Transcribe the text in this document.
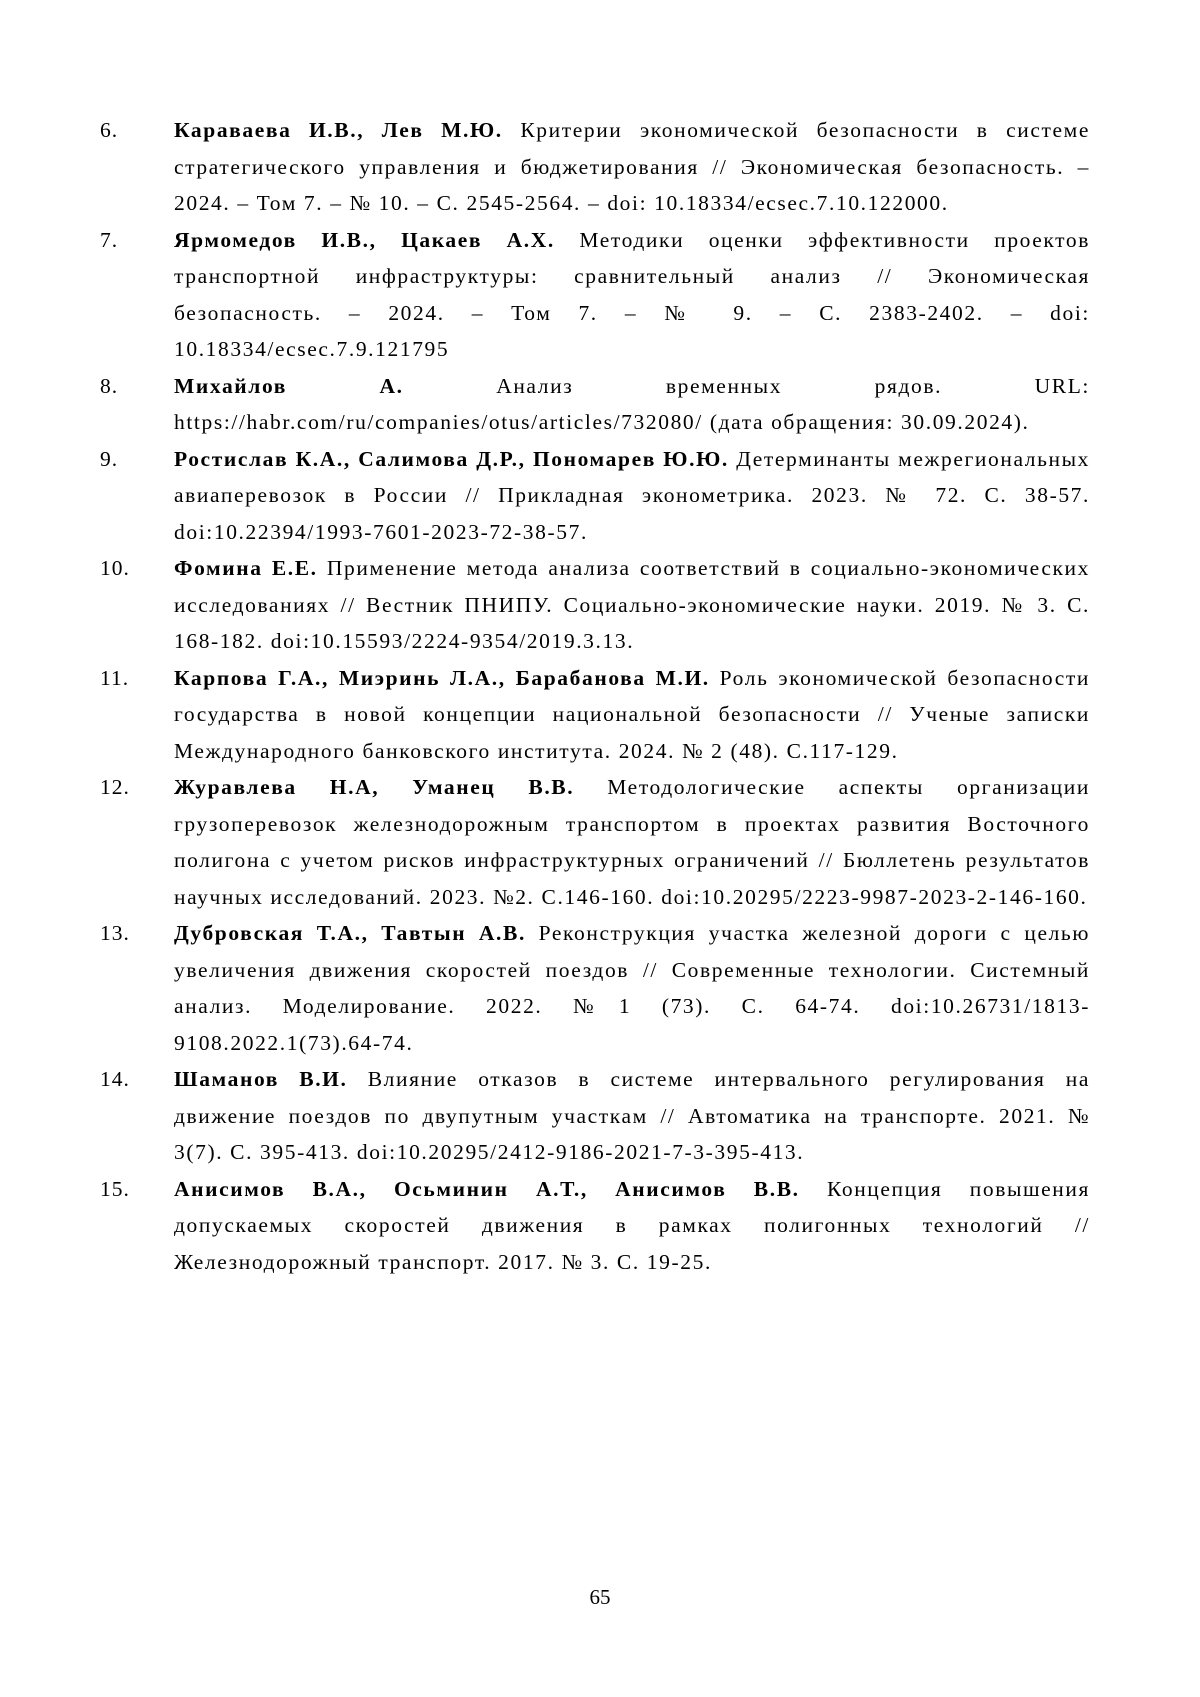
6.	Караваева И.В., Лев М.Ю. Критерии экономической безопасности в системе стратегического управления и бюджетирования // Экономическая безопасность. – 2024. – Том 7. – № 10. – С. 2545-2564. – doi: 10.18334/ecsec.7.10.122000.
7.	Ярмомедов И.В., Цакаев А.Х. Методики оценки эффективности проектов транспортной инфраструктуры: сравнительный анализ // Экономическая безопасность. – 2024. – Том 7. – № 9. – С. 2383-2402. – doi: 10.18334/ecsec.7.9.121795
8.	Михайлов А. Анализ временных рядов. URL: https://habr.com/ru/companies/otus/articles/732080/ (дата обращения: 30.09.2024).
9.	Ростислав К.А., Салимова Д.Р., Пономарев Ю.Ю. Детерминанты межрегиональных авиаперевозок в России // Прикладная эконометрика. 2023. № 72. С. 38-57. doi:10.22394/1993-7601-2023-72-38-57.
10. Фомина Е.Е. Применение метода анализа соответствий в социально-экономических исследованиях // Вестник ПНИПУ. Социально-экономические науки. 2019. № 3. С. 168-182. doi:10.15593/2224-9354/2019.3.13.
11. Карпова Г.А., Миэринь Л.А., Барабанова М.И. Роль экономической безопасности государства в новой концепции национальной безопасности // Ученые записки Международного банковского института. 2024. № 2 (48). С.117-129.
12. Журавлева Н.А, Уманец В.В. Методологические аспекты организации грузоперевозок железнодорожным транспортом в проектах развития Восточного полигона с учетом рисков инфраструктурных ограничений // Бюллетень результатов научных исследований. 2023. №2. С.146-160. doi:10.20295/2223-9987-2023-2-146-160.
13. Дубровская Т.А., Тавтын А.В. Реконструкция участка железной дороги с целью увеличения движения скоростей поездов // Современные технологии. Системный анализ. Моделирование. 2022. №1 (73). С. 64-74. doi:10.26731/1813-9108.2022.1(73).64-74.
14. Шаманов В.И. Влияние отказов в системе интервального регулирования на движение поездов по двупутным участкам // Автоматика на транспорте. 2021. № 3(7). С. 395-413. doi:10.20295/2412-9186-2021-7-3-395-413.
15. Анисимов В.А., Осьминин А.Т., Анисимов В.В. Концепция повышения допускаемых скоростей движения в рамках полигонных технологий // Железнодорожный транспорт. 2017. № 3. С. 19-25.
65
